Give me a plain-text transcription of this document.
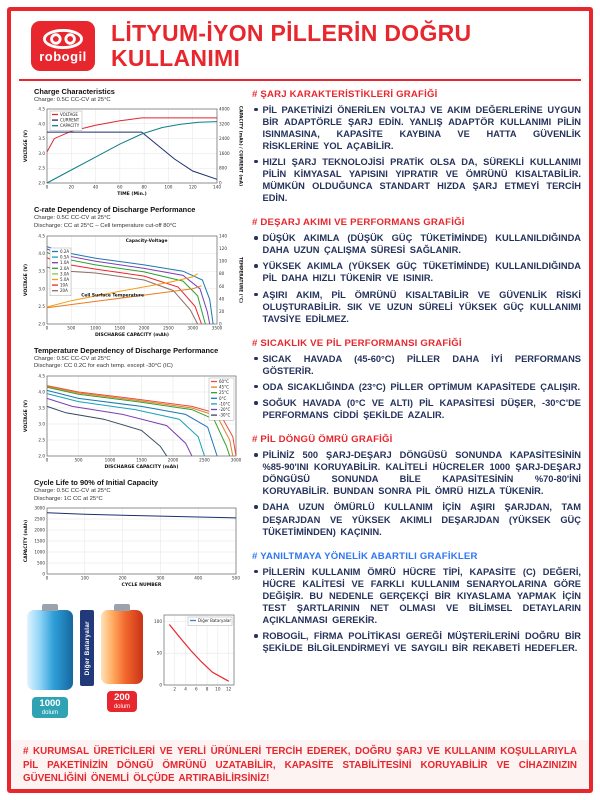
robogil
LİTYUM-İYON PİLLERİN DOĞRU
KULLANIMI
Charge Characteristics
Charge: 0.5C CC-CV at 25°C
0	20	40	60	80	100	120	140
2.0
2.5
3.0
3.5
4.0
4.5
0
800
1600
2400
3200
4000
VOLTAGE
CURRENT
CAPACITY
TIME (Min.)
VOLTAGE (V)	CAPACITY (mAh) / CURRENT (mA)
C-rate Dependency of Discharge Performance
Charge: 0.5C CC-CV at 25°C
Discharge: CC at 25°C – Cell temperature cut-off 80°C
0	500	1000	1500	2000	2500	3000	3500
2.0
2.5
3.0
3.5
4.0
4.5
0
20
40
60
80
100
120
140
Capacity-Voltage
Cell Surface Temperature
0.2A
0.5A
1.0A
2.0A
3.0A
5.0A
10A
20A
DISCHARGE CAPACITY (mAh)
VOLTAGE (V)	TEMPERATURE (°C)
Temperature Dependency of Discharge Performance
Charge: 0.5C CC-CV at 25°C
Discharge: CC 0.2C for each temp. except -30°C (IC)
0	500	1000	1500	2000	2500	3000
2.0
2.5
3.0
3.5
4.0
4.5
60°C
45°C
25°C
0°C
-10°C
-20°C
-30°C
DISCHARGE CAPACITY (mAh)
VOLTAGE (V)
Cycle Life to 90% of Initial Capacity
Charge: 0.5C CC-CV at 25°C
Discharge: 1C CC at 25°C
0	100	200	300	400	500
0
500
1000
1500
2000
2500
3000
CYCLE NUMBER
CAPACITY (mAh)
1000
dolum
Diğer Bataryalar
200
dolum
2 4 6 8 10 12
0
50
100	Diğer Bataryalar
# ŞARJ KARAKTERİSTİKLERİ GRAFİĞİ
PİL PAKETİNİZİ ÖNERİLEN VOLTAJ VE AKIM DEĞERLERİNE UYGUN BİR ADAPTÖRLE ŞARJ EDİN. YANLIŞ ADAPTÖR KULLANIMI PİLİN ISINMASINA, KAPASİTE KAYBINA VE HATTA GÜVENLİK RİSKLERİNE YOL AÇABİLİR.
HIZLI ŞARJ TEKNOLOJİSİ PRATİK OLSA DA, SÜREKLİ KULLANIMI PİLİN KİMYASAL YAPISINI YIPRATIR VE ÖMRÜNÜ KISALTABİLİR. MÜMKÜN OLDUĞUNCA STANDART HIZDA ŞARJ ETMEYİ TERCİH EDİN.
# DEŞARJ AKIMI VE PERFORMANS GRAFİĞİ
DÜŞÜK AKIMLA (DÜŞÜK GÜÇ TÜKETİMİNDE) KULLANILDIĞINDA DAHA UZUN ÇALIŞMA SÜRESİ SAĞLANIR.
YÜKSEK AKIMLA (YÜKSEK GÜÇ TÜKETİMİNDE) KULLANILDIĞINDA PİL DAHA HIZLI TÜKENİR VE ISINIR.
AŞIRI AKIM, PİL ÖMRÜNÜ KISALTABİLİR VE GÜVENLİK RİSKİ OLUŞTURABİLİR. SIK VE UZUN SÜRELİ YÜKSEK GÜÇ KULLANIMI TAVSİYE EDİLMEZ.
# SICAKLIK VE PİL PERFORMANSI GRAFİĞİ
SICAK HAVADA (45-60°C) PİLLER DAHA İYİ PERFORMANS GÖSTERİR.
ODA SICAKLIĞINDA (23°C) PİLLER OPTİMUM KAPASİTEDE ÇALIŞIR.
SOĞUK HAVADA (0°C VE ALTI) PİL KAPASİTESİ DÜŞER, -30°C'DE PERFORMANS CİDDİ ŞEKİLDE AZALIR.
# PİL DÖNGÜ ÖMRÜ GRAFİĞİ
PİLİNİZ 500 ŞARJ-DEŞARJ DÖNGÜSÜ SONUNDA KAPASİTESİNİN %85-90'INI KORUYABİLİR. KALİTELİ HÜCRELER 1000 ŞARJ-DEŞARJ DÖNGÜSÜ SONUNDA BİLE KAPASİTESİNİN %70-80'İNİ KORUYABİLİR. BUNDAN SONRA PİL ÖMRÜ HIZLA TÜKENİR.
DAHA UZUN ÖMÜRLÜ KULLANIM İÇİN AŞIRI ŞARJDAN, TAM DEŞARJDAN VE YÜKSEK AKIMLI DEŞARJDAN (YÜKSEK GÜÇ TÜKETİMİNDEN) KAÇININ.
# YANILTMAYA YÖNELİK ABARTILI GRAFİKLER
PİLLERİN KULLANIM ÖMRÜ HÜCRE TİPİ, KAPASİTE (C) DEĞERİ, HÜCRE KALİTESİ VE FARKLI KULLANIM SENARYOLARINA GÖRE DEĞİŞİR. BU NEDENLE GERÇEKÇİ BİR KIYASLAMA YAPMAK İÇİN TEST ŞARTLARININ NET OLMASI VE BİLİMSEL DETAYLARIN AÇIKLANMASI GEREKİR.
ROBOGİL, FİRMA POLİTİKASI GEREĞİ MÜŞTERİLERİNİ DOĞRU BİR ŞEKİLDE BİLGİLENDİRMEYİ VE SAYGILI BİR REKABETİ HEDEFLER.

# KURUMSAL ÜRETİCİLERİ VE YERLİ ÜRÜNLERİ TERCİH EDEREK, DOĞRU ŞARJ VE KULLANIM KOŞULLARIYLA PİL PAKETİNİZİN DÖNGÜ ÖMRÜNÜ UZATABİLİR, KAPASİTE STABİLİTESİNİ KORUYABİLİR VE CİHAZINIZIN GÜVENLİĞİNİ ÖNEMLİ ÖLÇÜDE ARTIRABİLİRSİNİZ!
